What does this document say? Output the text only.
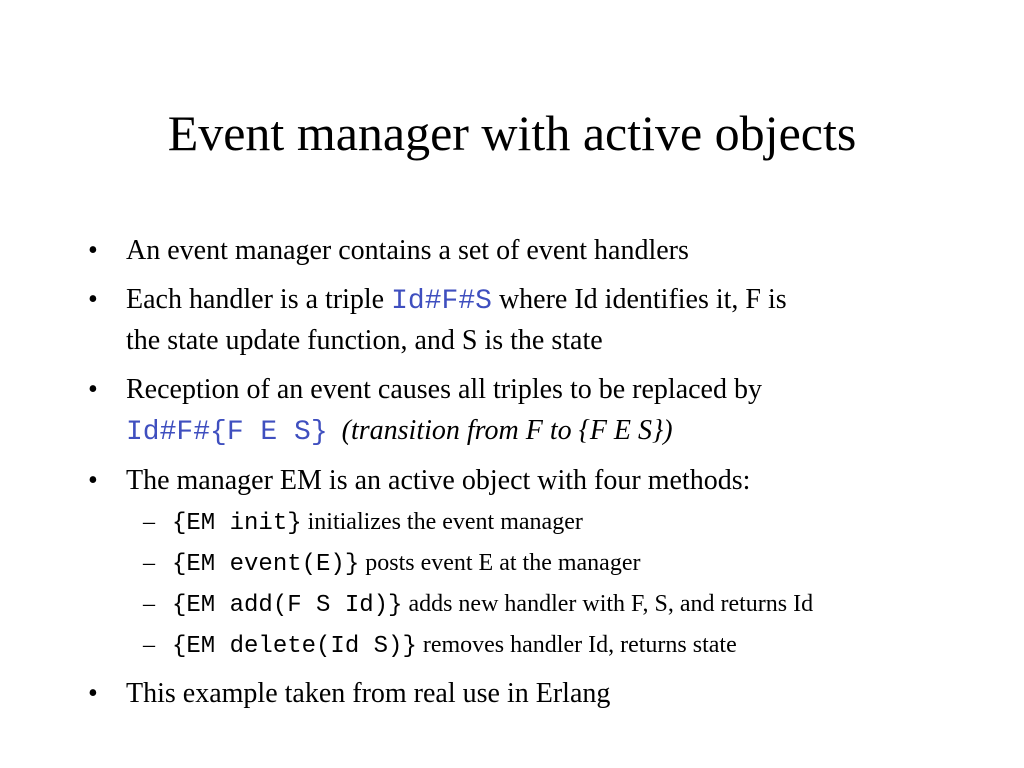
Event manager with active objects
• An event manager contains a set of event handlers
• Each handler is a triple Id#F#S where Id identifies it, F is
the state update function, and S is the state
• Reception of an event causes all triples to be replaced by
Id#F#{F E S} (transition from F to {F E S})
• The manager EM is an active object with four methods:
– {EM init} initializes the event manager
– {EM event(E)} posts event E at the manager
– {EM add(F S Id)} adds new handler with F, S, and returns Id
– {EM delete(Id S)} removes handler Id, returns state
• This example taken from real use in Erlang
